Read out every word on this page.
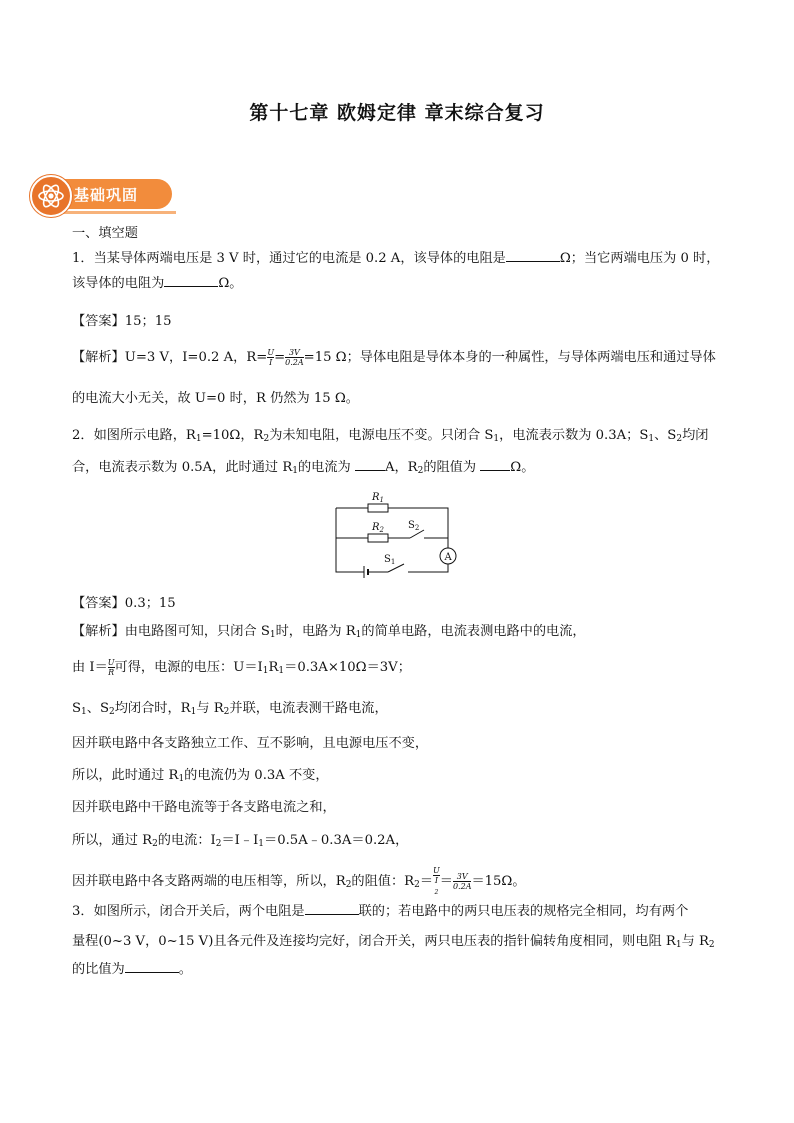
第十七章 欧姆定律 章末综合复习
基础巩固
一、填空题
1．当某导体两端电压是 3 V 时，通过它的电流是 0.2 A，该导体的电阻是	Ω；当它两端电压为 0 时，
该导体的电阻为	Ω。
【答案】15；15
【解析】U=3 V，I=0.2 A，$R= \frac{U}{I} = \frac{3V}{0.2A} =15$ Ω；导体电阻是导体本身的一种属性，与导体两端电压和通过导体
的电流大小无关，故 U=0 时，R 仍然为 15 Ω。
2．如图所示电路，$R_1=10\Omega$，$R_2$为未知电阻，电源电压不变。只闭合 $S_1$，电流表示数为 0.3A；$S_1$、$S_2$均闭
合，电流表示数为 0.5A，此时通过 $R_1$的电流为	A，$R_2$的阻值为	Ω。
$R_1$
$R_2$ $S_2$
$S_1$	A
【答案】0.3；15
【解析】由电路图可知，只闭合 $S_1$时，电路为 $R_1$的简单电路，电流表测电路中的电流，
由 $I= \frac{U}{R}$ 可得，电源的电压：$U=I_1R_1=0.3A\times 10\Omega=3V$；
$S_1$、$S_2$均闭合时，$R_1$与 $R_2$并联，电流表测干路电流，
因并联电路中各支路独立工作、互不影响，且电源电压不变，
所以，此时通过 $R_1$的电流仍为 0.3A 不变，
因并联电路中干路电流等于各支路电流之和，
所以，通过 $R_2$的电流：$I_2=I﹣I_1=0.5A﹣0.3A=0.2A$，
因并联电路中各支路两端的电压相等，所以，$R_2$的阻值：$R_2= U$
I
$_2 = \frac{3V}{0.2A} =15\Omega$。
3．如图所示，闭合开关后，两个电阻是	联的；若电路中的两只电压表的规格完全相同，均有两个
量程(0~3 V，0~15 V)且各元件及连接均完好，闭合开关，两只电压表的指针偏转角度相同，则电阻 $R_1$与 $R_2$
的比值为	。
